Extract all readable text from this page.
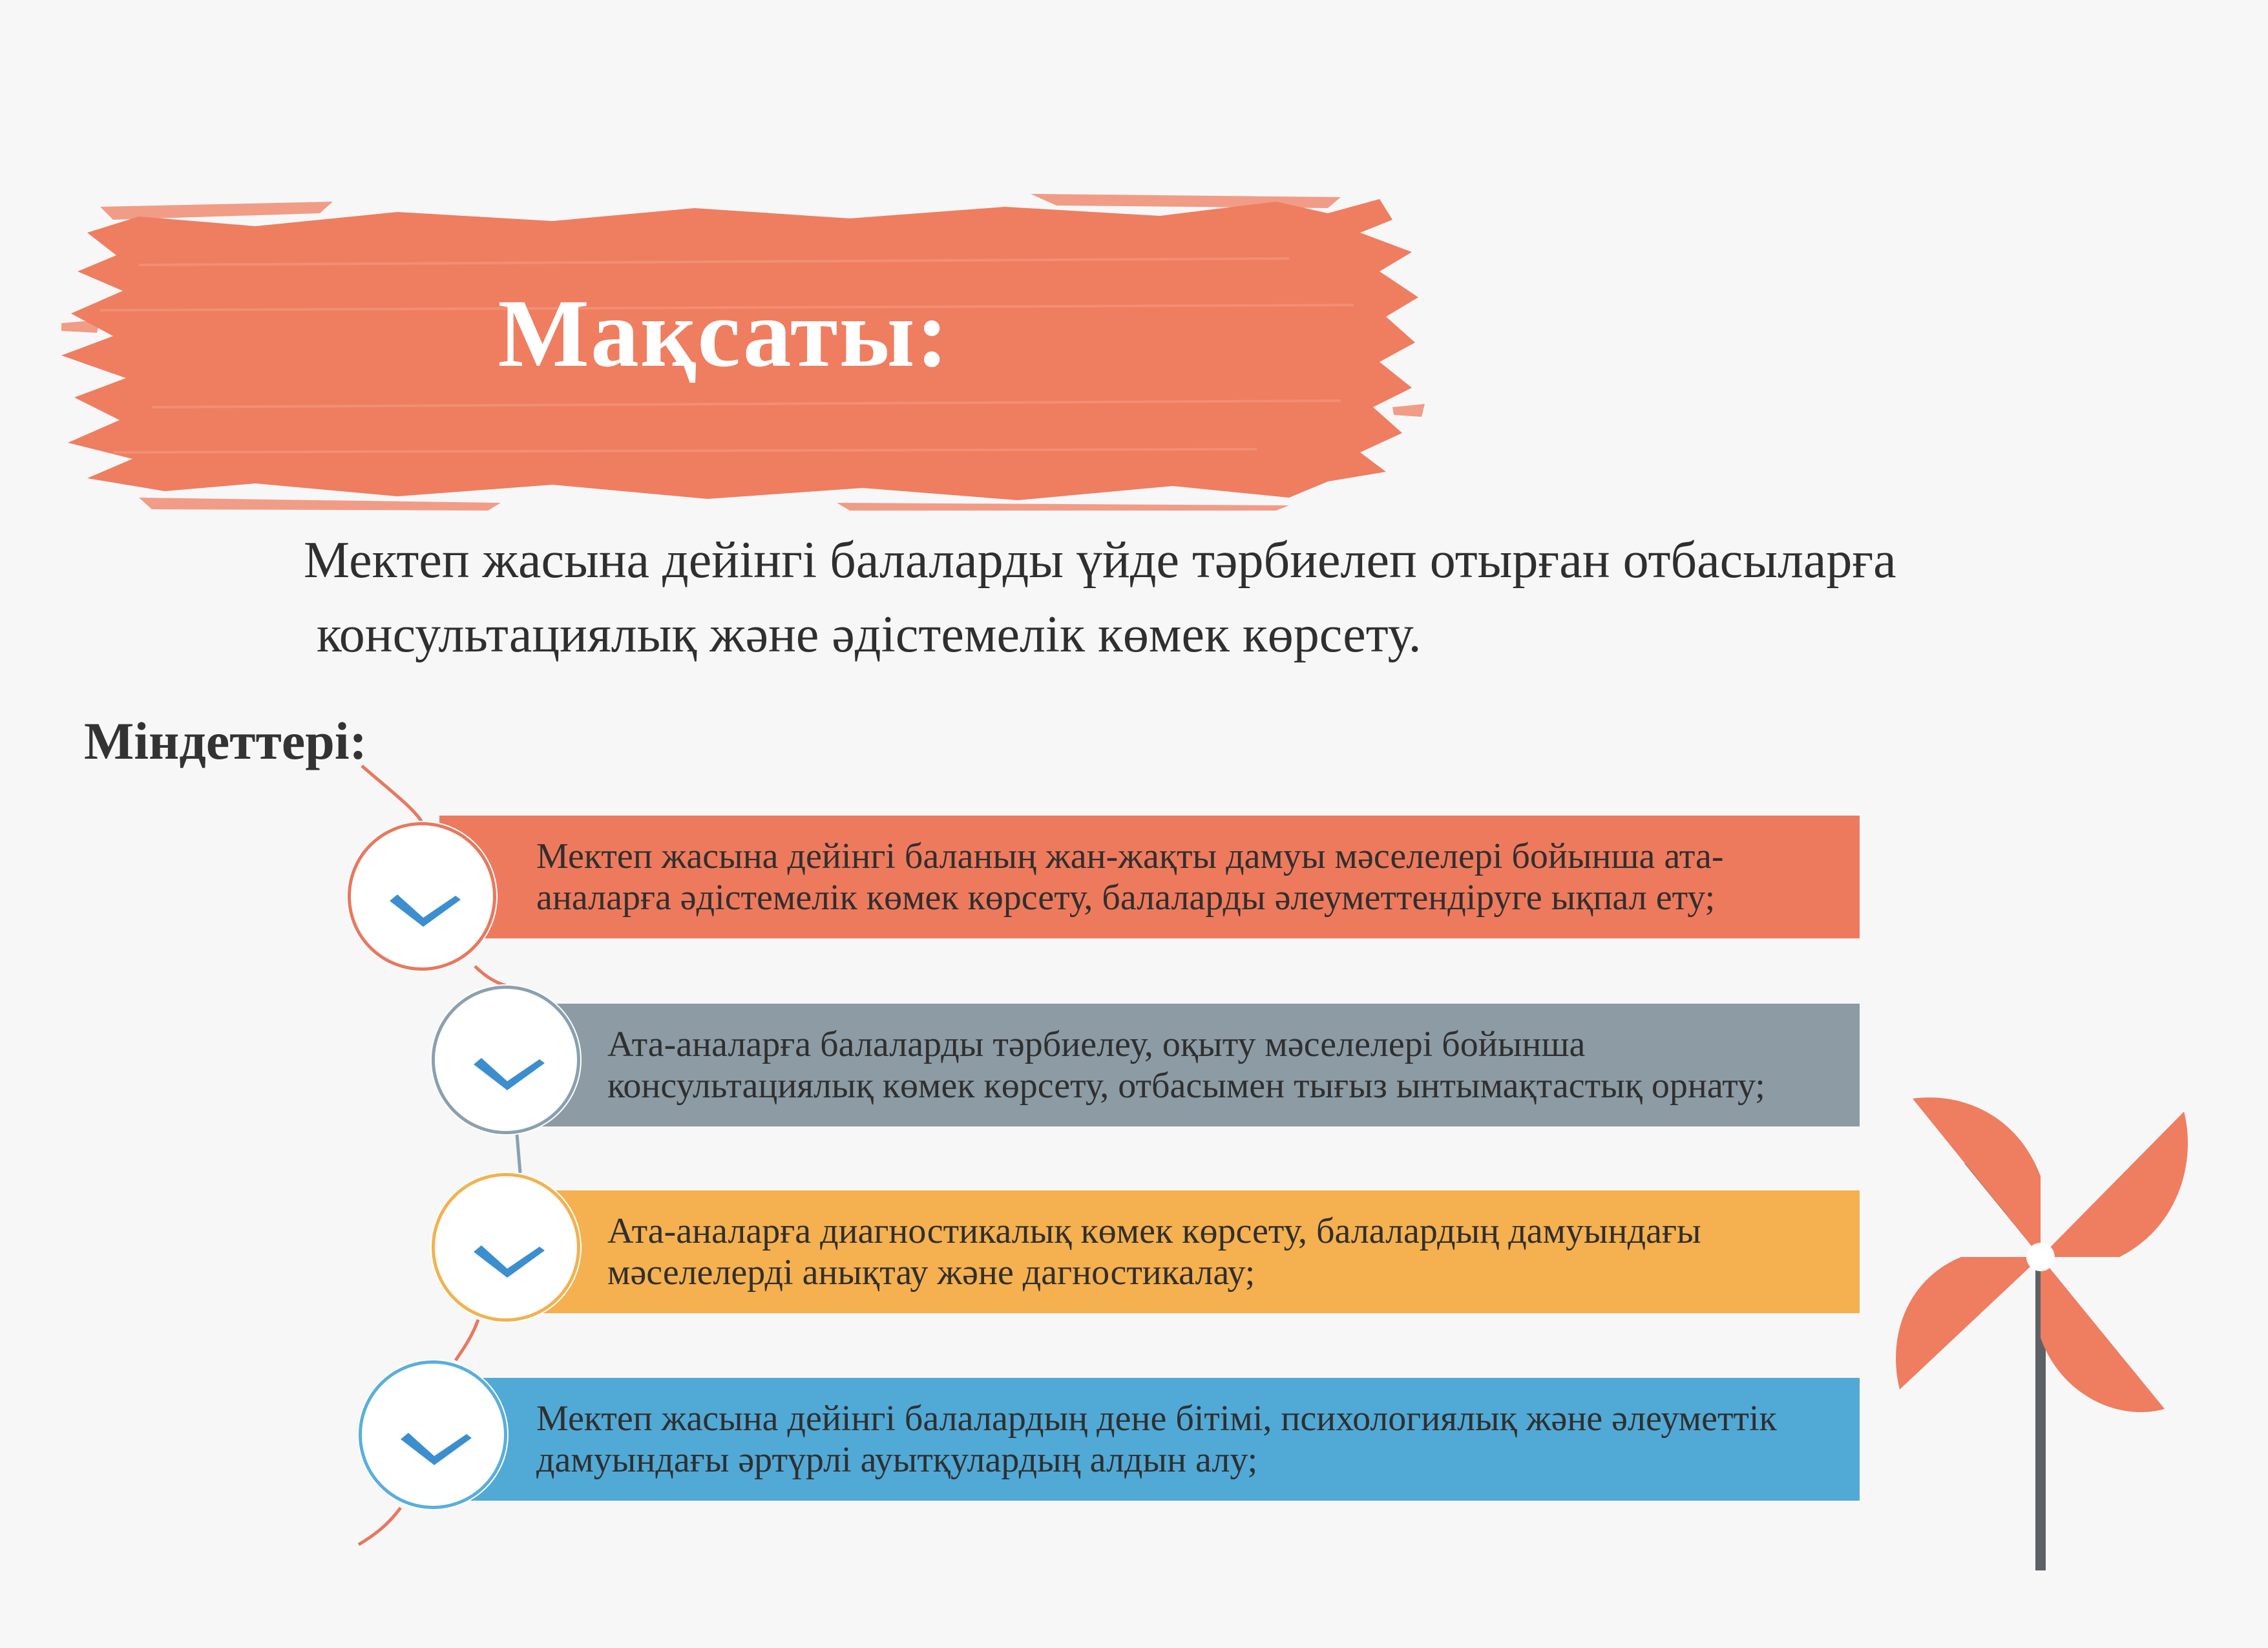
Мақсаты:
Мектеп жасына дейінгі балаларды үйде тәрбиелеп отырған отбасыларға
консультациялық және әдістемелік көмек көрсету.
Міндеттері:
Мектеп жасына дейінгі баланың жан-жақты дамуы мәселелері бойынша ата-
аналарға әдістемелік көмек көрсету, балаларды әлеуметтендіруге ықпал ету;
Ата-аналарға балаларды тәрбиелеу, оқыту мәселелері бойынша
консультациялық көмек көрсету, отбасымен тығыз ынтымақтастық орнату;
Ата-аналарға диагностикалық көмек көрсету, балалардың дамуындағы
мәселелерді анықтау және дагностикалау;
Мектеп жасына дейінгі балалардың дене бітімі, психологиялық және әлеуметтік
дамуындағы әртүрлі ауытқулардың алдын алу;
